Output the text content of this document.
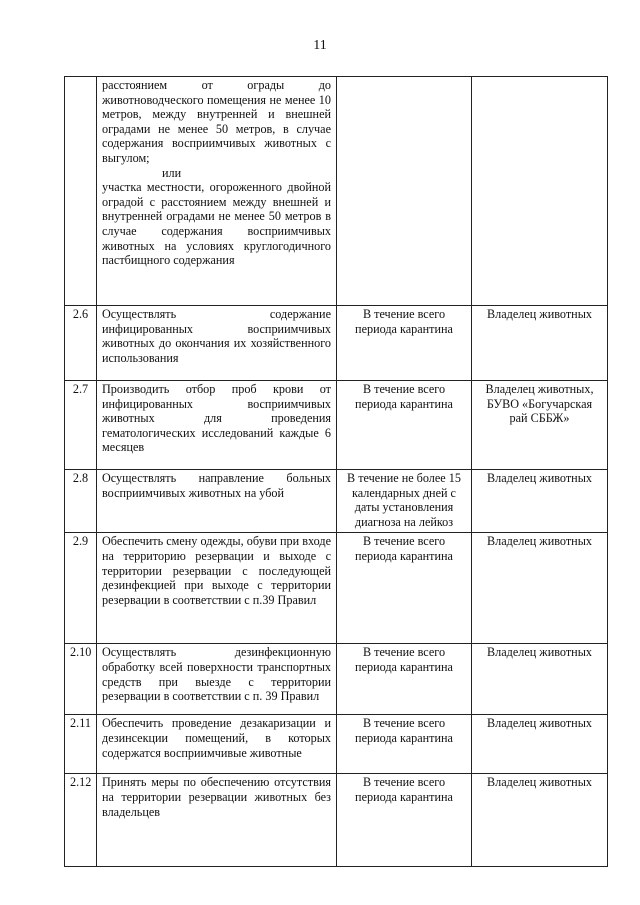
11

	расстоянием от ограды до животноводческого помещения не менее 10 метров, между внутренней и внешней оградами не менее 50 метров, в случае содержания восприимчивых животных с выгулом;
или
участка местности, огороженного двойной оградой с расстоянием между внешней и внутренней оградами не менее 50 метров в случае содержания восприимчивых животных на условиях круглогодичного пастбищного содержания		

2.6	Осуществлять содержание инфицированных восприимчивых животных до окончания их хозяйственного использования	В течение всего периода карантина	Владелец животных
2.7	Производить отбор проб крови от инфицированных восприимчивых животных для проведения гематологических исследований каждые 6 месяцев	В течение всего периода карантина	Владелец животных, БУВО «Богучарская рай СББЖ»
2.8	Осуществлять направление больных восприимчивых животных на убой	В течение не более 15 календарных дней с даты установления диагноза на лейкоз	Владелец животных
2.9	Обеспечить смену одежды, обуви при входе на территорию резервации и выходе с территории резервации с последующей дезинфекцией при выходе с территории резервации в соответствии с п.39 Правил	В течение всего периода карантина	Владелец животных
2.10	Осуществлять дезинфекционную обработку всей поверхности транспортных средств при выезде с территории резервации в соответствии с п. 39 Правил	В течение всего периода карантина	Владелец животных
2.11	Обеспечить проведение дезакаризации и дезинсекции помещений, в которых содержатся восприимчивые животные	В течение всего периода карантина	Владелец животных
2.12	Принять меры по обеспечению отсутствия на территории резервации животных без владельцев	В течение всего периода карантина	Владелец животных
